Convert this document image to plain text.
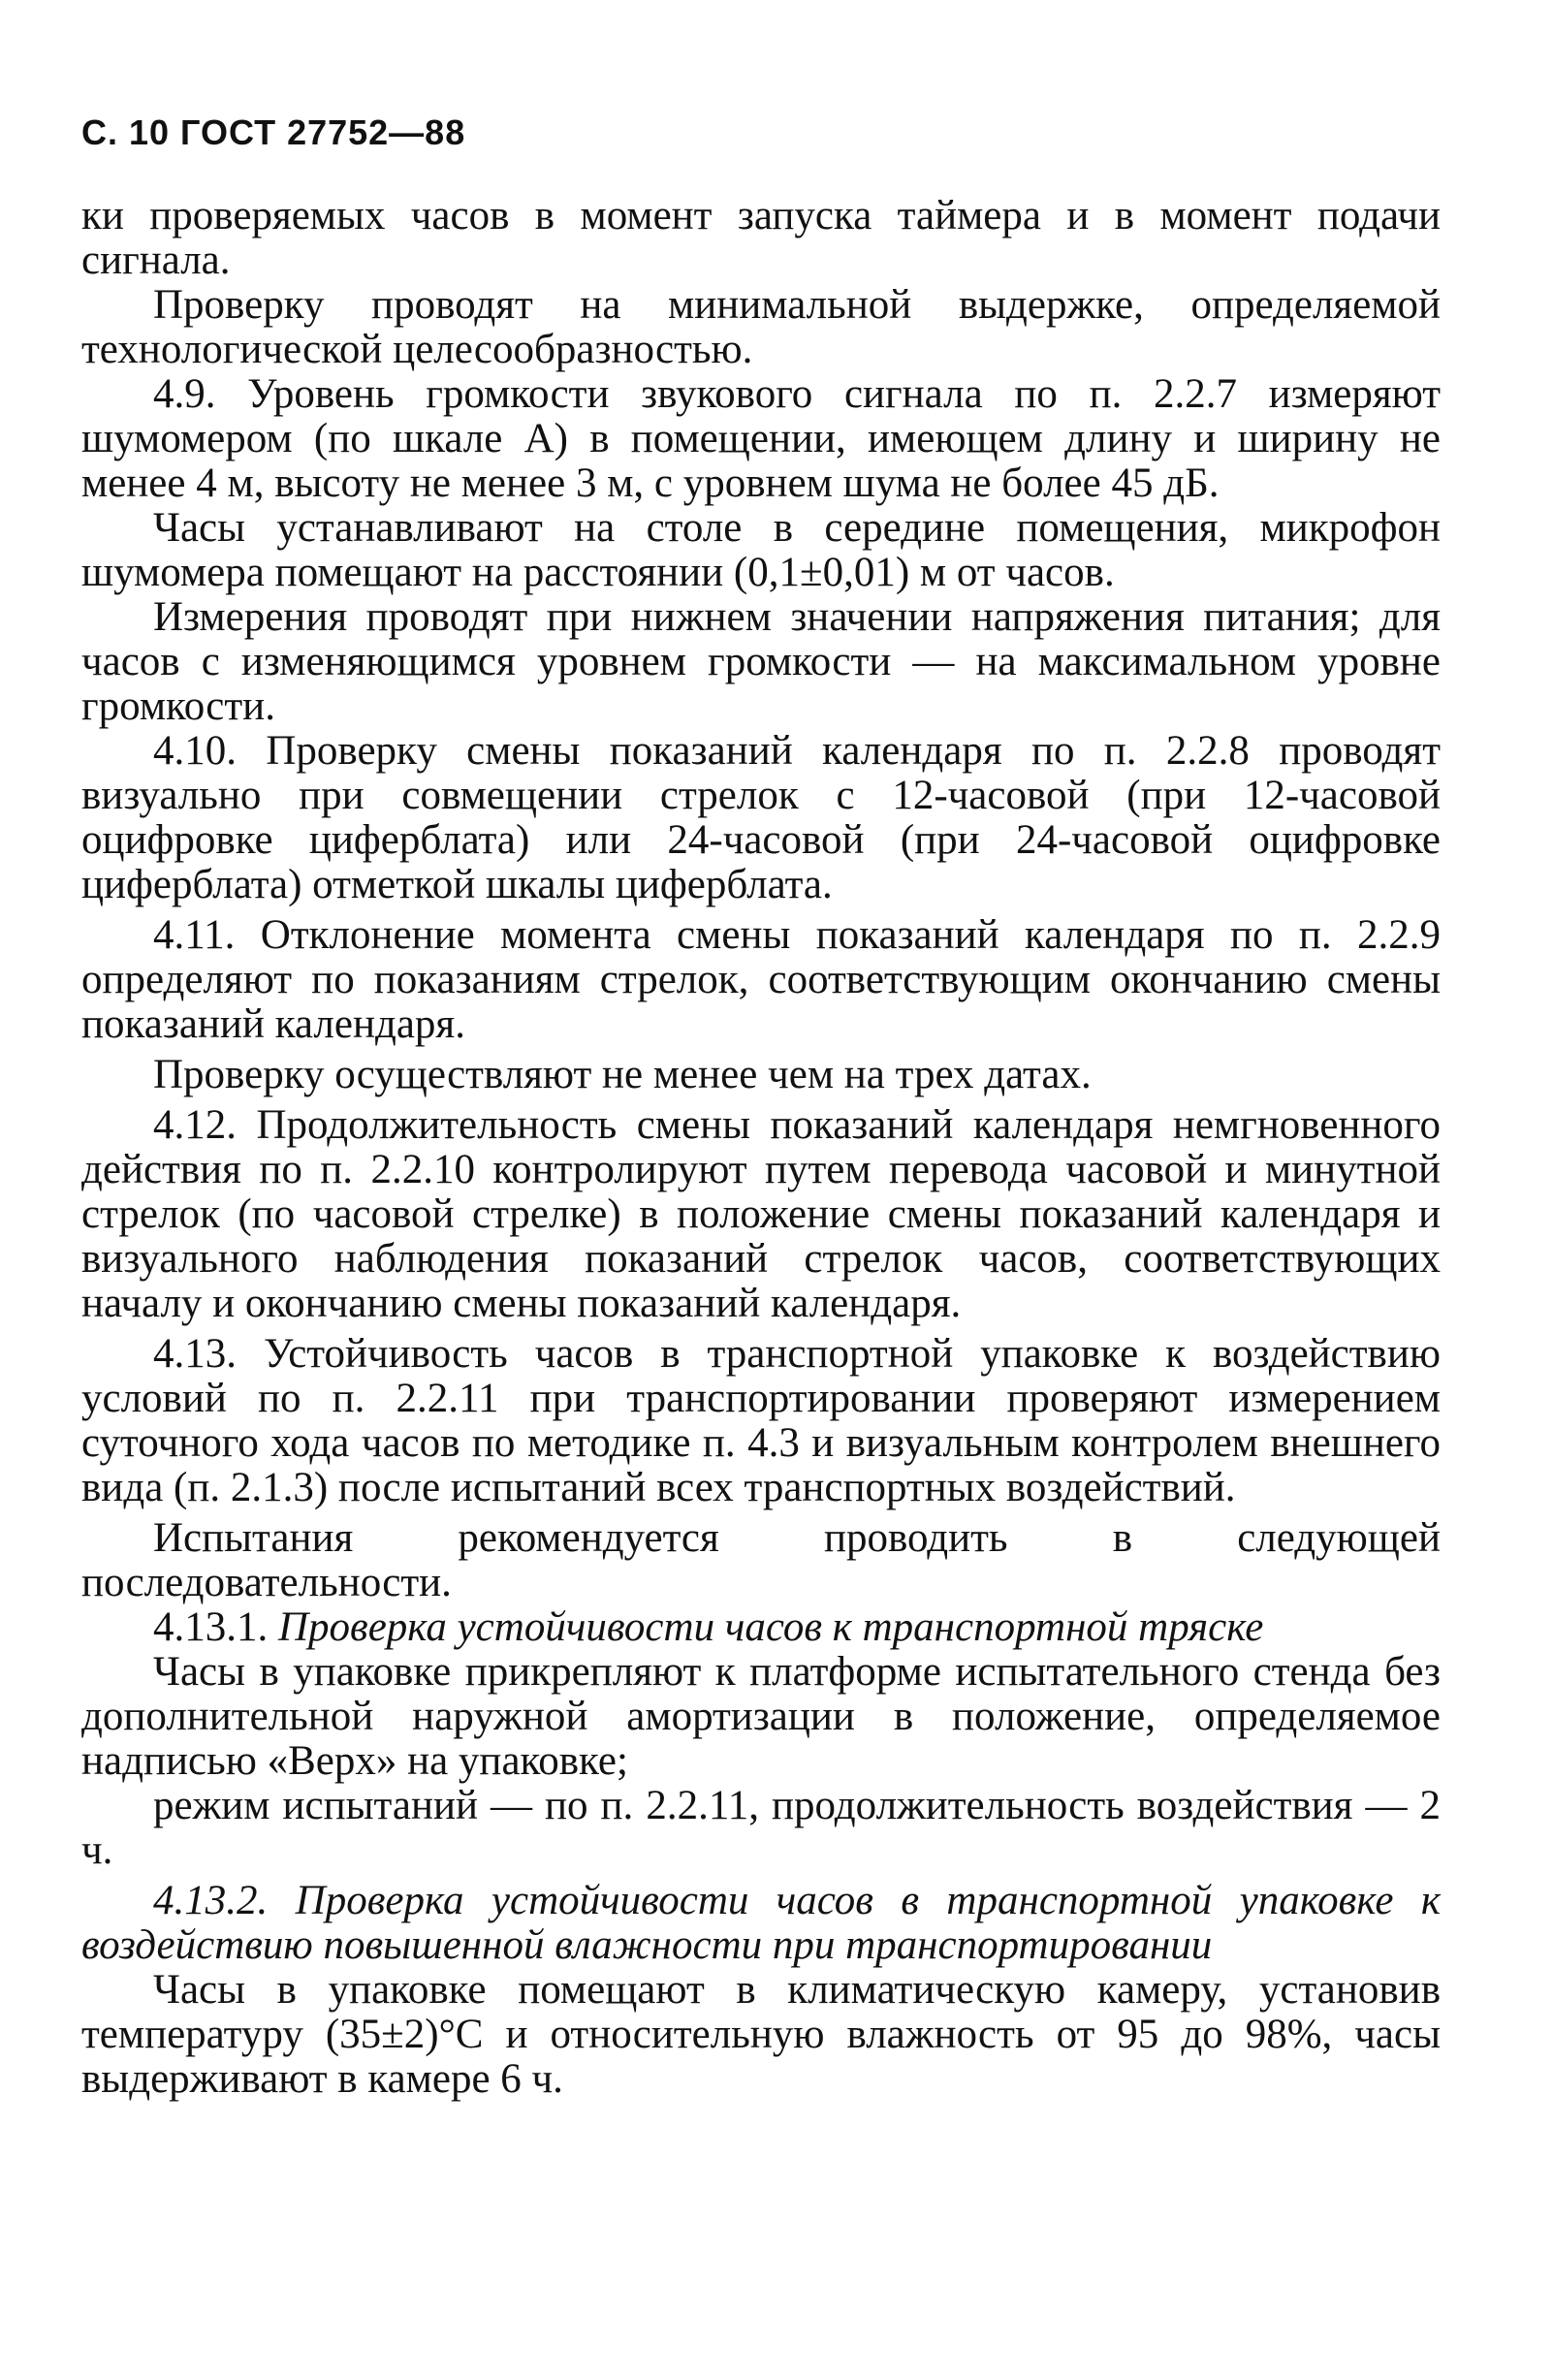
С. 10 ГОСТ 27752—88

ки проверяемых часов в момент запуска таймера и в момент подачи сигнала.

Проверку проводят на минимальной выдержке, определяемой технологической целесообразностью.

4.9. Уровень громкости звукового сигнала по п. 2.2.7 измеряют шумомером (по шкале А) в помещении, имеющем длину и ширину не менее 4 м, высоту не менее 3 м, с уровнем шума не более 45 дБ.

Часы устанавливают на столе в середине помещения, микрофон шумомера помещают на расстоянии (0,1±0,01) м от часов.

Измерения проводят при нижнем значении напряжения питания; для часов с изменяющимся уровнем громкости — на максимальном уровне громкости.

4.10. Проверку смены показаний календаря по п. 2.2.8 проводят визуально при совмещении стрелок с 12-часовой (при 12-часовой оцифровке циферблата) или 24-часовой (при 24-часовой оцифровке циферблата) отметкой шкалы циферблата.

4.11. Отклонение момента смены показаний календаря по п. 2.2.9 определяют по показаниям стрелок, соответствующим окончанию смены показаний календаря.

Проверку осуществляют не менее чем на трех датах.

4.12. Продолжительность смены показаний календаря немгновенного действия по п. 2.2.10 контролируют путем перевода часовой и минутной стрелок (по часовой стрелке) в положение смены показаний календаря и визуального наблюдения показаний стрелок часов, соответствующих началу и окончанию смены показаний календаря.

4.13. Устойчивость часов в транспортной упаковке к воздействию условий по п. 2.2.11 при транспортировании проверяют измерением суточного хода часов по методике п. 4.3 и визуальным контролем внешнего вида (п. 2.1.3) после испытаний всех транспортных воздействий.

Испытания рекомендуется проводить в следующей последовательности.

4.13.1. Проверка устойчивости часов к транспортной тряске

Часы в упаковке прикрепляют к платформе испытательного стенда без дополнительной наружной амортизации в положение, определяемое надписью «Верх» на упаковке;

режим испытаний — по п. 2.2.11, продолжительность воздействия — 2 ч.

4.13.2. Проверка устойчивости часов в транспортной упаковке к воздействию повышенной влажности при транспортировании

Часы в упаковке помещают в климатическую камеру, установив температуру (35±2)°С и относительную влажность от 95 до 98%, часы выдерживают в камере 6 ч.
